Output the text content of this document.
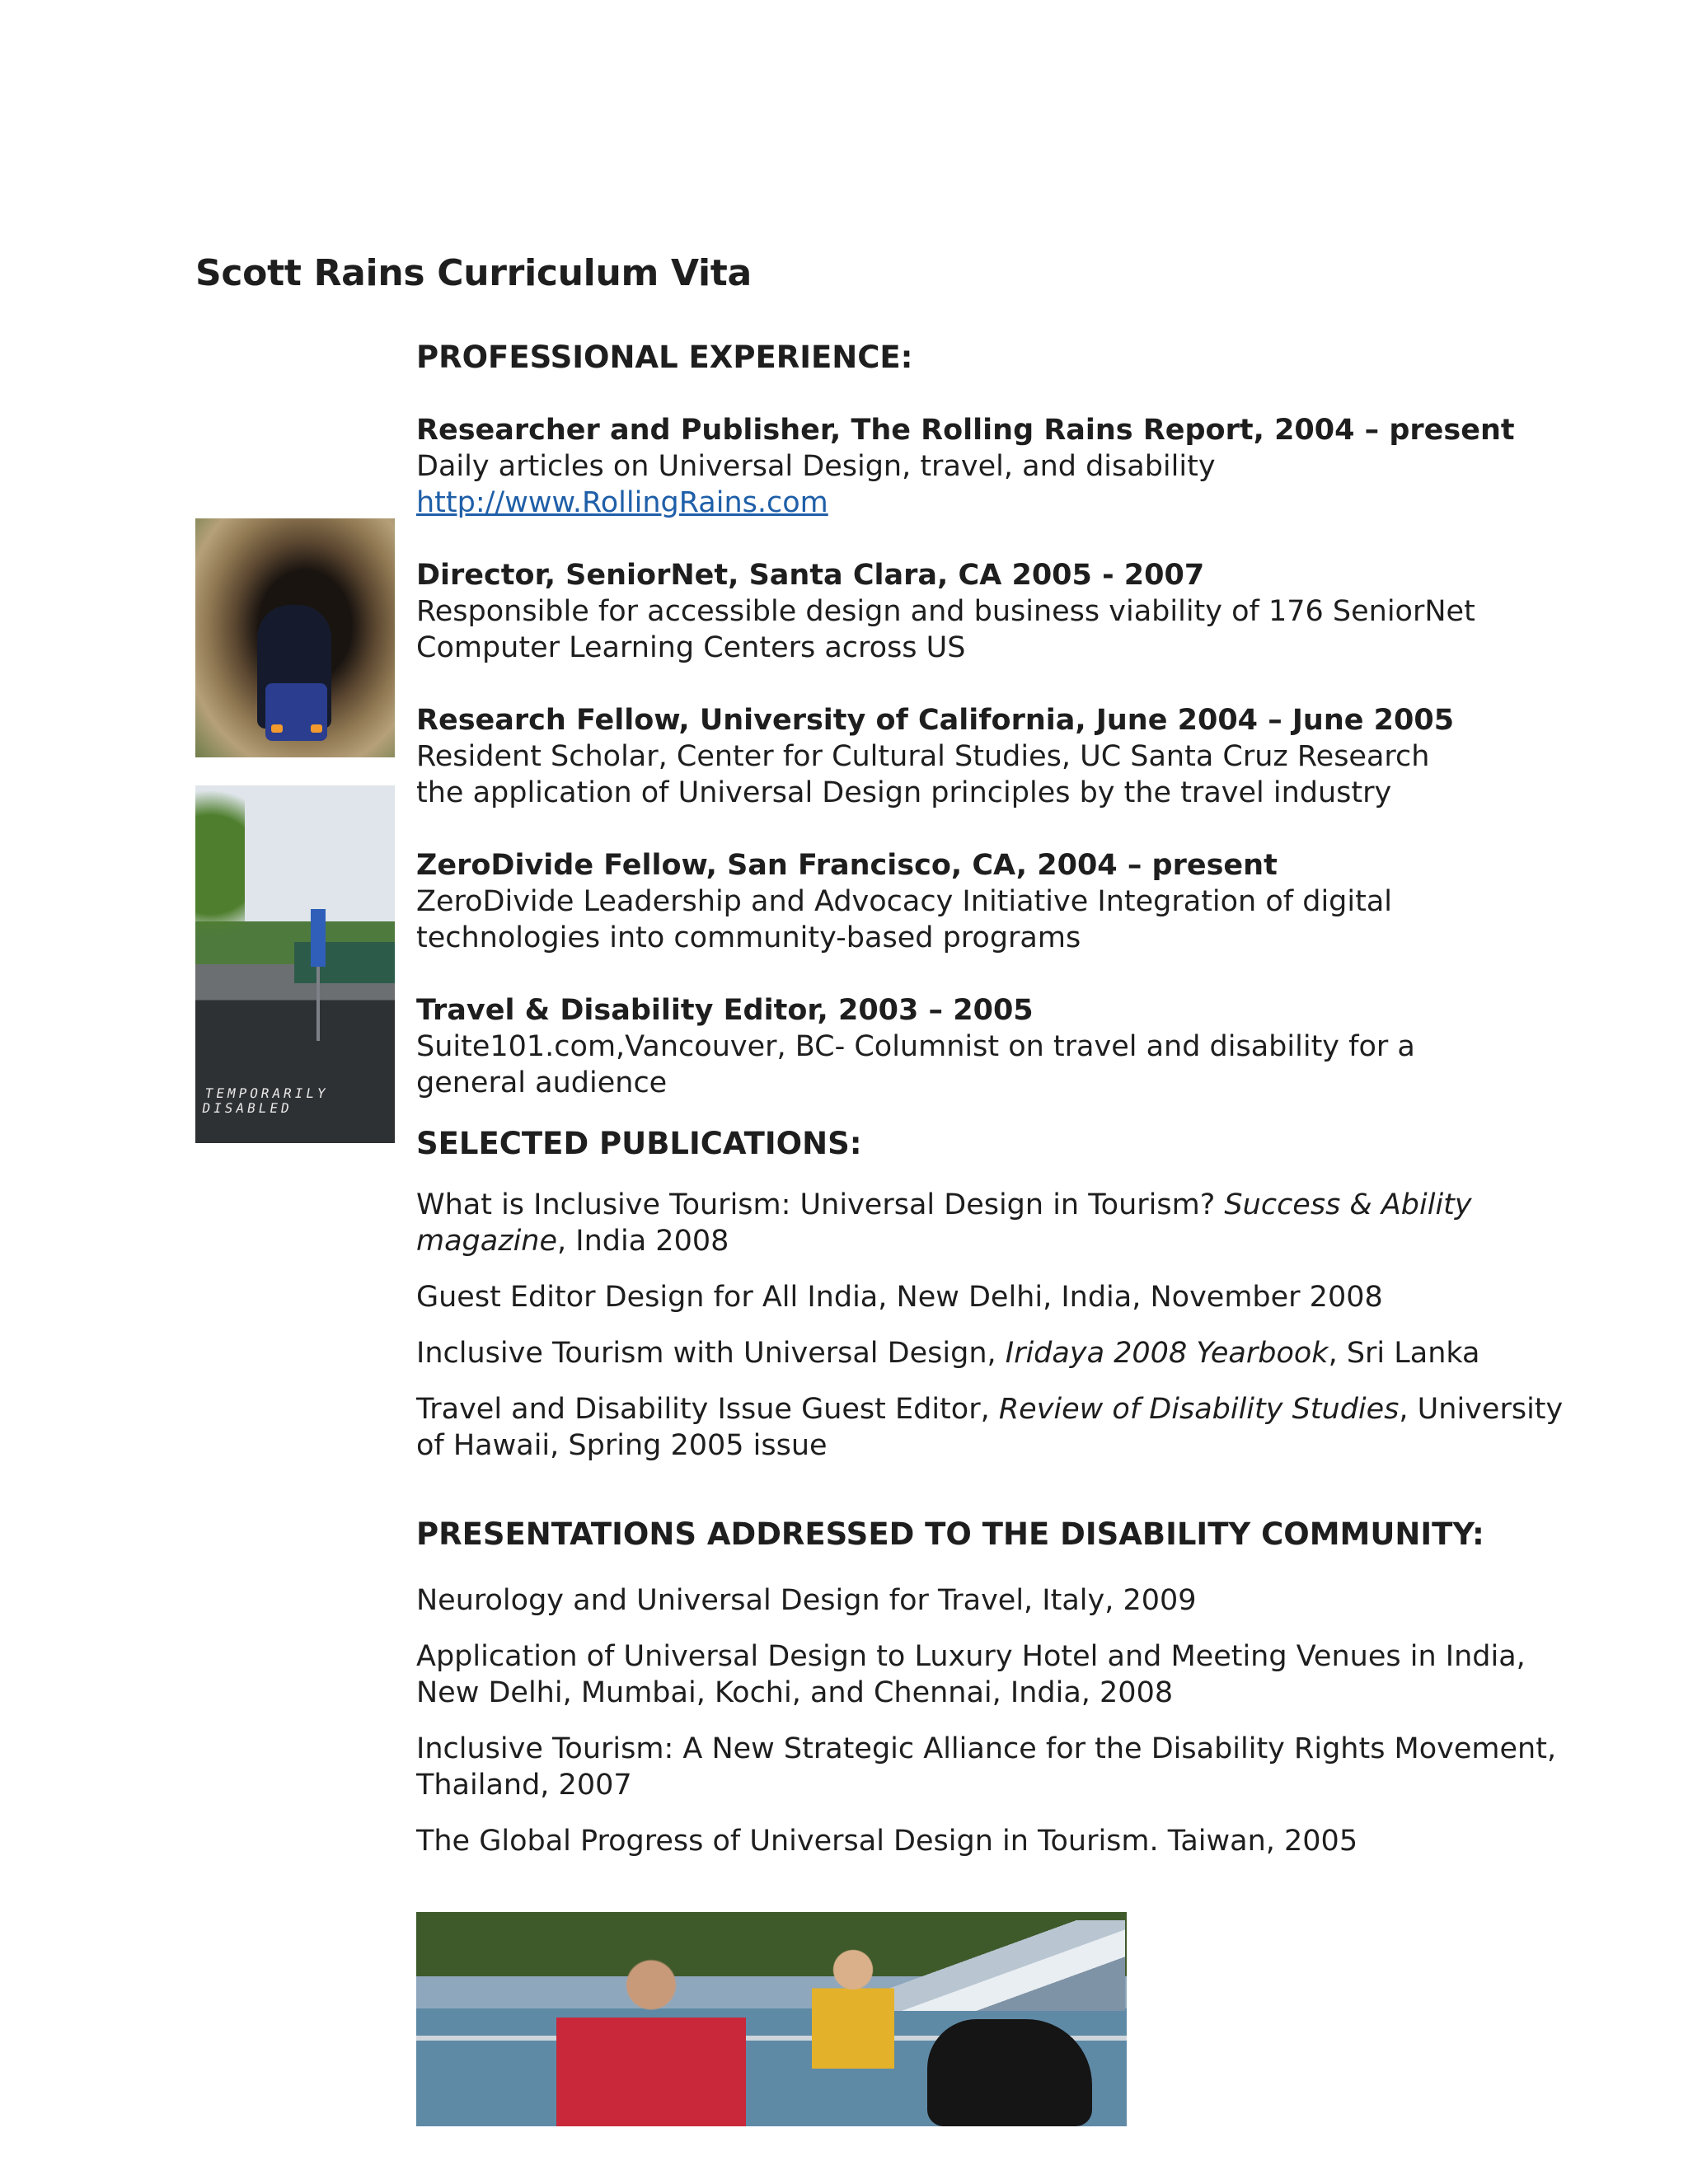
Scott Rains Curriculum Vita
TEMPORARILY DISABLED
PROFESSIONAL EXPERIENCE:
Researcher and Publisher, The Rolling Rains Report, 2004 – present
Daily articles on Universal Design, travel, and disability
http://www.RollingRains.com
Director, SeniorNet, Santa Clara, CA 2005 - 2007
Responsible for accessible design and business viability of 176 SeniorNet
Computer Learning Centers across US
Research Fellow, University of California, June 2004 – June 2005
Resident Scholar, Center for Cultural Studies, UC Santa Cruz Research
the application of Universal Design principles by the travel industry
ZeroDivide Fellow, San Francisco, CA, 2004 – present
ZeroDivide Leadership and Advocacy Initiative Integration of digital
technologies into community-based programs
Travel & Disability Editor, 2003 – 2005
Suite101.com,Vancouver, BC- Columnist on travel and disability for a
general audience
SELECTED PUBLICATIONS:

What is Inclusive Tourism: Universal Design in Tourism? Success & Ability magazine, India 2008

Guest Editor Design for All India, New Delhi, India, November 2008

Inclusive Tourism with Universal Design, Iridaya 2008 Yearbook, Sri Lanka

Travel and Disability Issue Guest Editor, Review of Disability Studies, University of Hawaii, Spring 2005 issue

PRESENTATIONS ADDRESSED TO THE DISABILITY COMMUNITY:

Neurology and Universal Design for Travel, Italy, 2009

Application of Universal Design to Luxury Hotel and Meeting Venues in India, New Delhi, Mumbai, Kochi, and Chennai, India, 2008

Inclusive Tourism: A New Strategic Alliance for the Disability Rights Movement, Thailand, 2007

The Global Progress of Universal Design in Tourism. Taiwan, 2005
